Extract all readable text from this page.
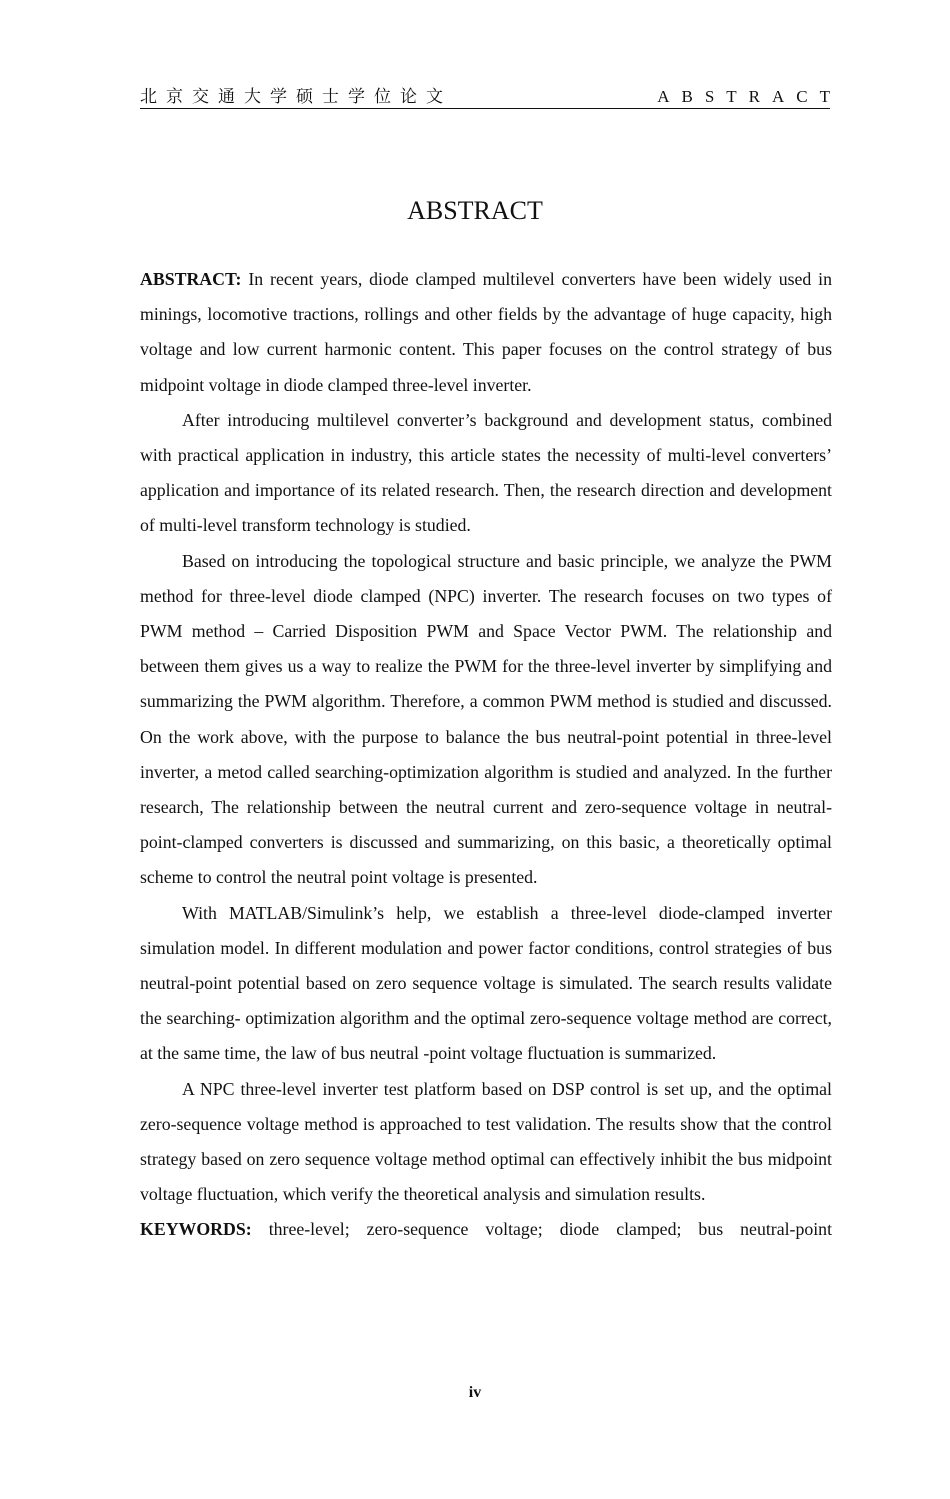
北京交通大学硕士学位论文	ABSTRACT
ABSTRACT

ABSTRACT: In recent years, diode clamped multilevel converters have been widely used in minings, locomotive tractions, rollings and other fields by the advantage of huge capacity, high voltage and low current harmonic content. This paper focuses on the control strategy of bus midpoint voltage in diode clamped three-level inverter.

After introducing multilevel converter’s background and development status, combined with practical application in industry, this article states the necessity of multi-level converters’ application and importance of its related research. Then, the research direction and development of multi-level transform technology is studied.

Based on introducing the topological structure and basic principle, we analyze the PWM method for three-level diode clamped (NPC) inverter. The research focuses on two types of PWM method – Carried Disposition PWM and Space Vector PWM. The relationship and between them gives us a way to realize the PWM for the three-level inverter by simplifying and summarizing the PWM algorithm. Therefore, a common PWM method is studied and discussed. On the work above, with the purpose to balance the bus neutral-point potential in three-level inverter, a metod called searching-optimization algorithm is studied and analyzed. In the further research, The relationship between the neutral current and zero-sequence voltage in neutral-point-clamped converters is discussed and summarizing, on this basic, a theoretically optimal scheme to control the neutral point voltage is presented.

With MATLAB/Simulink’s help, we establish a three-level diode-clamped inverter simulation model. In different modulation and power factor conditions, control strategies of bus neutral-point potential based on zero sequence voltage is simulated. The search results validate the searching- optimization algorithm and the optimal zero-sequence voltage method are correct, at the same time, the law of bus neutral -point voltage fluctuation is summarized.

A NPC three-level inverter test platform based on DSP control is set up, and the optimal zero-sequence voltage method is approached to test validation. The results show that the control strategy based on zero sequence voltage method optimal can effectively inhibit the bus midpoint voltage fluctuation, which verify the theoretical analysis and simulation results.

KEYWORDS: three-level; zero-sequence voltage; diode clamped; bus neutral-point

iv
